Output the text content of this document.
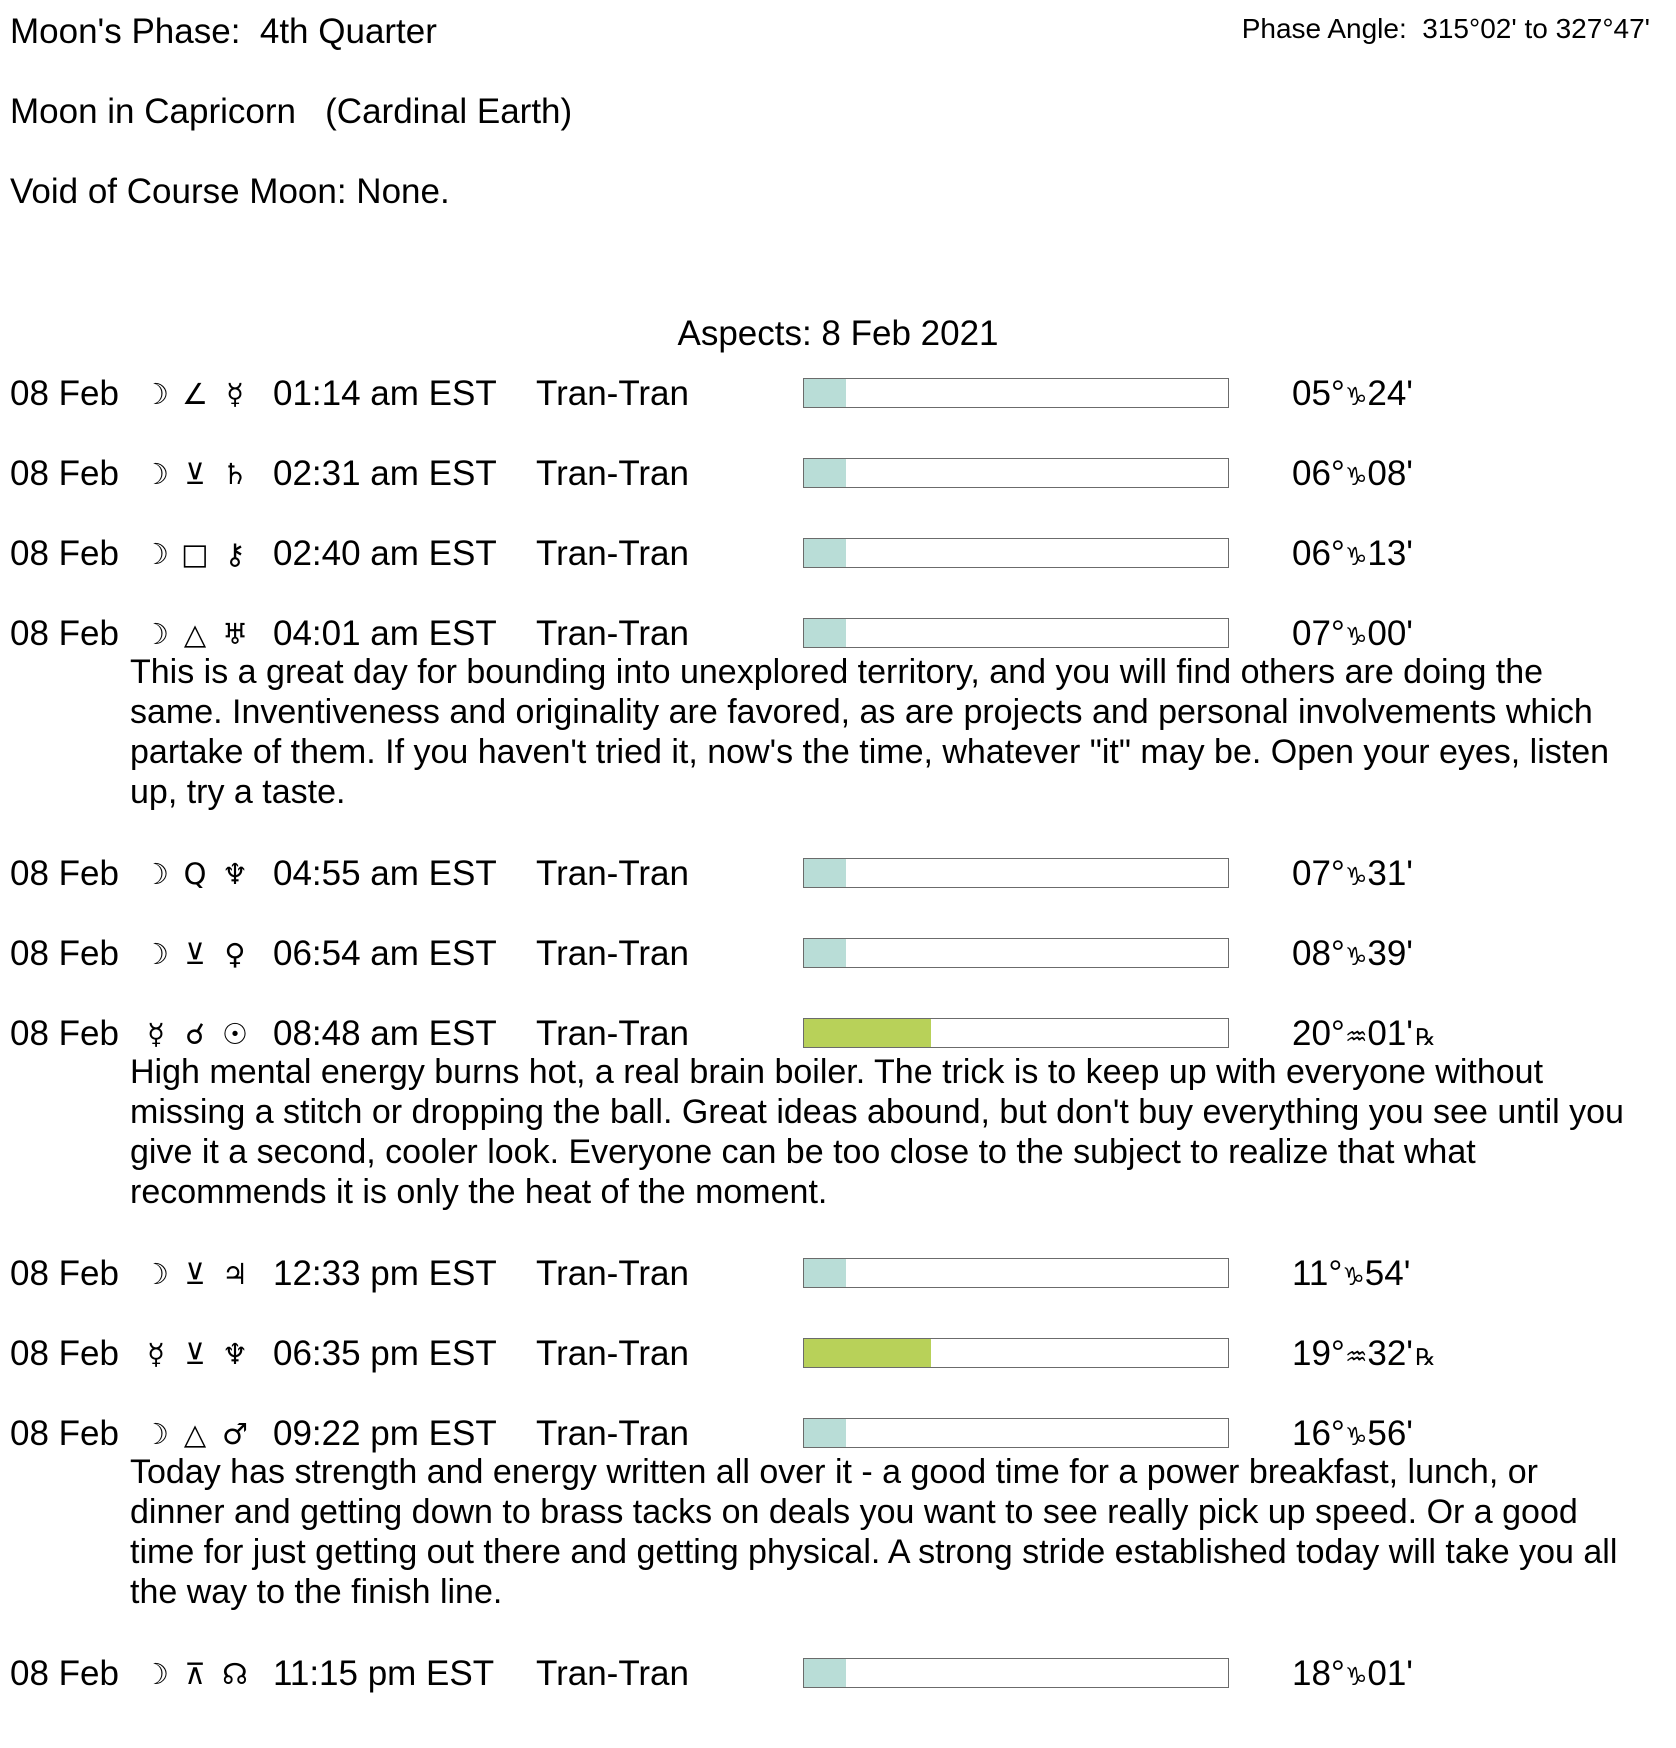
Moon's Phase:  4th Quarter	Phase Angle:  315°02' to 327°47'
Moon in Capricorn   (Cardinal Earth)
Void of Course Moon: None.
Aspects: 8 Feb 2021
08 Feb ☽ ∠ ☿ 01:14 am EST Tran-Tran	05°♑24'
08 Feb ☽ ⊻ ♄ 02:31 am EST Tran-Tran	06°♑08'
08 Feb ☽ □ ⚷ 02:40 am EST Tran-Tran	06°♑13'
08 Feb ☽ △ ♅ 04:01 am EST Tran-Tran	07°♑00'
This is a great day for bounding into unexplored territory, and you will find others are doing the same. Inventiveness and originality are favored, as are projects and personal involvements which partake of them. If you haven't tried it, now's the time, whatever "it" may be. Open your eyes, listen up, try a taste.
08 Feb ☽ Q ♆ 04:55 am EST Tran-Tran	07°♑31'
08 Feb ☽ ⊻ ♀ 06:54 am EST Tran-Tran	08°♑39'
08 Feb ☿ ☌ ☉ 08:48 am EST Tran-Tran	20°♒01'℞
High mental energy burns hot, a real brain boiler. The trick is to keep up with everyone without missing a stitch or dropping the ball. Great ideas abound, but don't buy everything you see until you give it a second, cooler look. Everyone can be too close to the subject to realize that what recommends it is only the heat of the moment.
08 Feb ☽ ⊻ ♃ 12:33 pm EST Tran-Tran	11°♑54'
08 Feb ☿ ⊻ ♆ 06:35 pm EST Tran-Tran	19°♒32'℞
08 Feb ☽ △ ♂ 09:22 pm EST Tran-Tran	16°♑56'
Today has strength and energy written all over it - a good time for a power breakfast, lunch, or dinner and getting down to brass tacks on deals you want to see really pick up speed. Or a good time for just getting out there and getting physical. A strong stride established today will take you all the way to the finish line.
08 Feb ☽ ⊼ ☊ 11:15 pm EST Tran-Tran	18°♑01'
